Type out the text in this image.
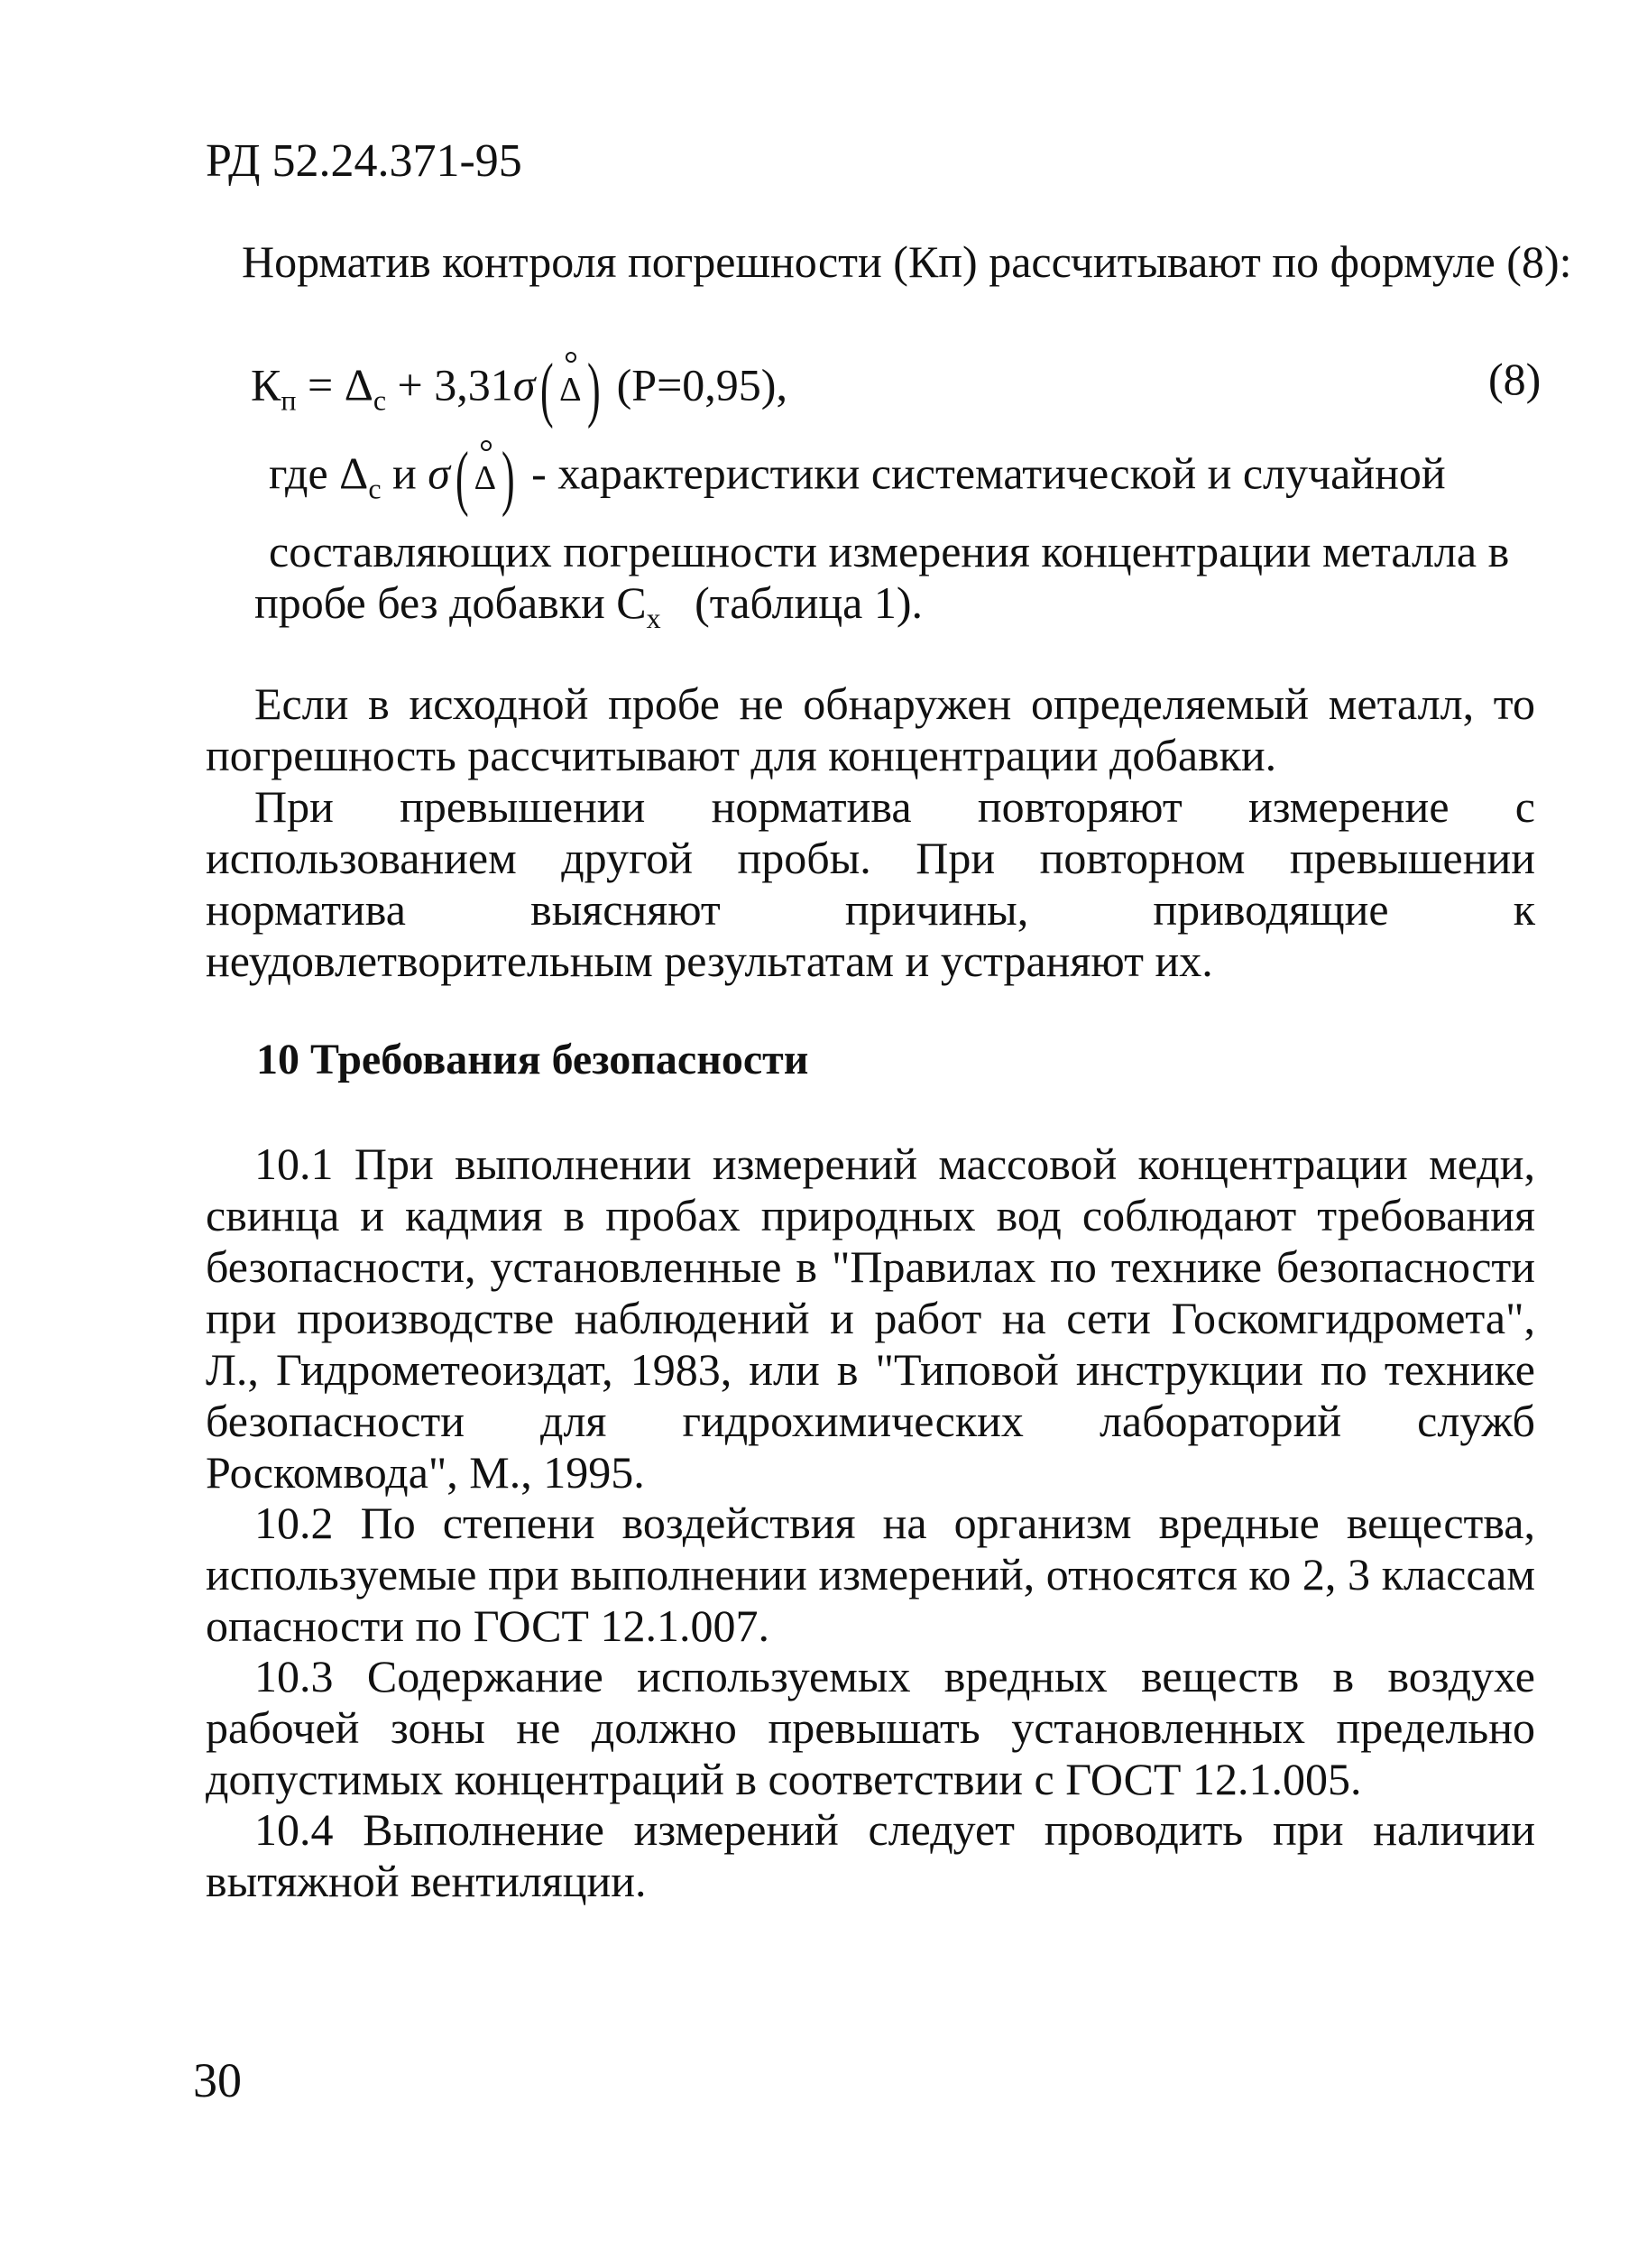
РД 52.24.371-95
Норматив контроля погрешности (Кп) рассчитывают по формуле (8):
$К_п = \Delta_с + 3,31\sigma$( Δ) (Р=0,95),	(8)
где $\Delta_с$ и σ( Δ) - характеристики систематической и случайной
составляющих погрешности измерения концентрации металла в
пробе без добавки $С_х$   (таблица 1).
Если в исходной пробе не обнаружен определяемый металл, то погрешность рассчитывают для концентрации добавки.
При превышении норматива повторяют измерение с использованием другой пробы. При повторном превышении норматива выясняют причины, приводящие к неудовлетворительным результатам и устраняют их.
10 Требования безопасности
10.1 При выполнении измерений массовой концентрации меди, свинца и кадмия в пробах природных вод соблюдают требования безопасности, установленные в "Правилах по технике безопасности при производстве наблюдений и работ на сети Госкомгидромета", Л., Гидрометеоиздат, 1983, или в "Типовой инструкции по технике безопасности для гидрохимических лабораторий служб Роскомвода", М., 1995.
10.2 По степени воздействия на организм вредные вещества, используемые при выполнении измерений, относятся ко 2, 3 классам опасности по ГОСТ 12.1.007.
10.3 Содержание используемых вредных веществ в воздухе рабочей зоны не должно превышать установленных предельно допустимых концентраций в соответствии с ГОСТ 12.1.005.
10.4 Выполнение измерений следует проводить при наличии вытяжной вентиляции.
30
